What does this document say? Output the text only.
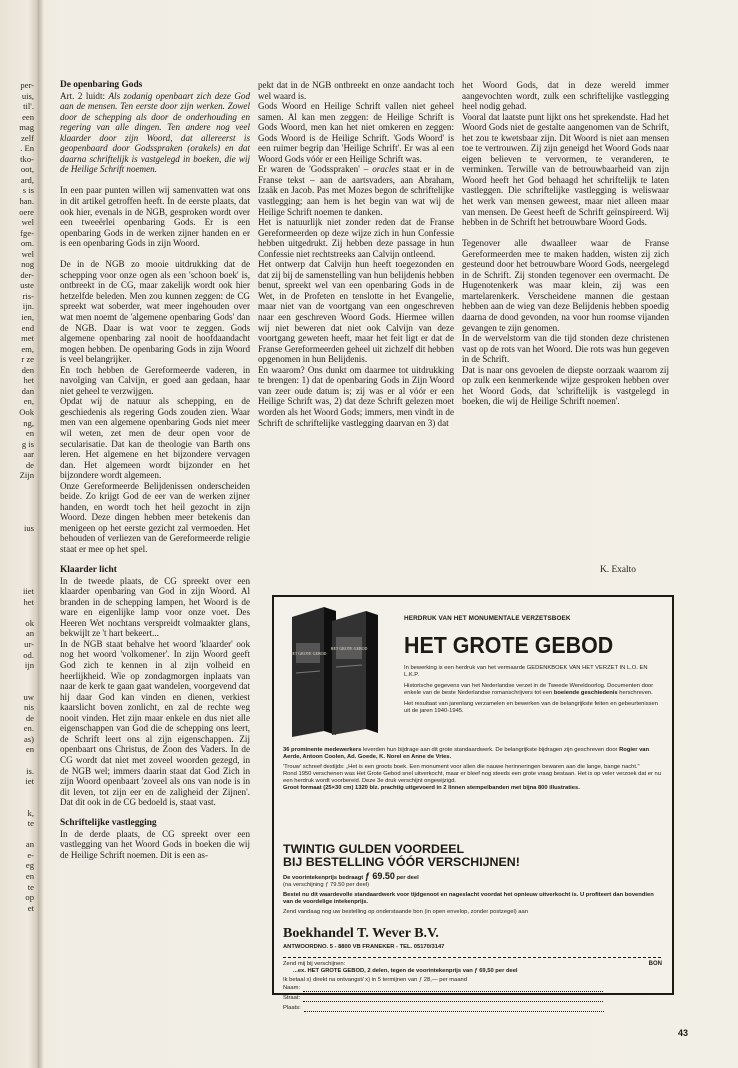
per-
uis,
til'.
een
mag
zelf
. En
tko-
oot,
ard,
s is
han.
oere
wel
fge-
om.
wel
nog
der-
uste
ris-
ijn.
ien,
end
met
em,
r ze
den
het
dan
en,
Ook
ng,
en
g is
aar
de
Zijn

ius

iiet
het

ok
an
ur-
od.
ijn

uw
nis
de
en.
as)
en

is.
iet

k,
te

an
e-
eg
en
te
op
et
De openbaring Gods

Art. 2 luidt: Als zodanig openbaart zich deze God aan de mensen. Ten eerste door zijn werken. Zowel door de schepping als door de onderhouding en regering van alle dingen. Ten andere nog veel klaarder door zijn Woord, dat allereerst is geopenbaard door Godsspraken (orakels) en dat daarna schriftelijk is vastgelegd in boeken, die wij de Heilige Schrift noemen.

In een paar punten willen wij samenvatten wat ons in dit artikel getroffen heeft. In de eerste plaats, dat ook hier, evenals in de NGB, gesproken wordt over een tweeërlei openbaring Gods. Er is een openbaring Gods in de werken zijner handen en er is een openbaring Gods in zijn Woord.

De in de NGB zo mooie uitdrukking dat de schepping voor onze ogen als een 'schoon boek' is, ontbreekt in de CG, maar zakelijk wordt ook hier hetzelfde beleden. Men zou kunnen zeggen: de CG spreekt wat soberder, wat meer ingehouden over wat men noemt de 'algemene openbaring Gods' dan de NGB. Daar is wat voor te zeggen. Gods algemene openbaring zal nooit de hoofdaandacht mogen hebben. De openbaring Gods in zijn Woord is veel belangrijker.

En toch hebben de Gereformeerde vaderen, in navolging van Calvijn, er goed aan gedaan, haar niet geheel te verzwijgen.

Opdat wij de natuur als schepping, en de geschiedenis als regering Gods zouden zien. Waar men van een algemene openbaring Gods niet meer wil weten, zet men de deur open voor de secularisatie. Dat kan de theologie van Barth ons leren. Het algemene en het bijzondere vervagen dan. Het algemeen wordt bijzonder en het bijzondere wordt algemeen.

Onze Gereformeerde Belijdenissen onderscheiden beide. Zo krijgt God de eer van de werken zijner handen, en wordt toch het heil gezocht in zijn Woord. Deze dingen hebben meer betekenis dan menigeen op het eerste gezicht zal vermoeden. Het behouden of verliezen van de Gereformeerde religie staat er mee op het spel.

Klaarder licht

In de tweede plaats, de CG spreekt over een klaarder openbaring van God in zijn Woord. Al branden in de schepping lampen, het Woord is de ware en eigenlijke lamp voor onze voet. Des Heeren Wet nochtans verspreidt volmaakter glans, bekwijlt ze 't hart bekeert...

In de NGB staat behalve het woord 'klaarder' ook nog het woord 'volkomener'. In zijn Woord geeft God zich te kennen in al zijn volheid en heerlijkheid. Wie op zondagmorgen inplaats van naar de kerk te gaan gaat wandelen, voorgevend dat hij daar God kan vinden en dienen, verkiest kaarslicht boven zonlicht, en zal de rechte weg nooit vinden. Het zijn maar enkele en dus niet alle eigenschappen van God die de schepping ons leert, de Schrift leert ons al zijn eigenschappen. Zij openbaart ons Christus, de Zoon des Vaders. In de CG wordt dat niet met zoveel woorden gezegd, in de NGB wel; immers daarin staat dat God Zich in zijn Woord openbaart 'zoveel als ons van node is in dit leven, tot zijn eer en de zaligheid der Zijnen'. Dat dit ook in de CG bedoeld is, staat vast.

Schriftelijke vastlegging

In de derde plaats, de CG spreekt over een vastlegging van het Woord Gods in boeken die wij de Heilige Schrift noemen. Dit is een as-

pekt dat in de NGB ontbreekt en onze aandacht toch wel waard is.

Gods Woord en Heilige Schrift vallen niet geheel samen. Al kan men zeggen: de Heilige Schrift is Gods Woord, men kan het niet omkeren en zeggen: Gods Woord is de Heilige Schrift. 'Gods Woord' is een ruimer begrip dan 'Heilige Schrift'. Er was al een Woord Gods vóór er een Heilige Schrift was.

Er waren de 'Godsspraken' – oracles staat er in de Franse tekst – aan de aartsvaders, aan Abraham, Izaäk en Jacob. Pas met Mozes begon de schriftelijke vastlegging; aan hem is het begin van wat wij de Heilige Schrift noemen te danken.

Het is natuurlijk niet zonder reden dat de Franse Gereformeerden op deze wijze zich in hun Confessie hebben uitgedrukt. Zij hebben deze passage in hun Confessie niet rechtstreeks aan Calvijn ontleend.

Het ontwerp dat Calvijn hun heeft toegezonden en dat zij bij de samenstelling van hun belijdenis hebben benut, spreekt wel van een openbaring Gods in de Wet, in de Profeten en tenslotte in het Evangelie, maar niet van de voortgang van een ongeschreven naar een geschreven Woord Gods. Hiermee willen wij niet beweren dat niet ook Calvijn van deze voortgang geweten heeft, maar het feit ligt er dat de Franse Gereformeerden geheel uit zichzelf dit hebben opgenomen in hun Belijdenis.

En waarom? Ons dunkt om daarmee tot uitdrukking te brengen: 1) dat de openbaring Gods in Zijn Woord van zeer oude datum is; zij was er al vóór er een Heilige Schrift was, 2) dat deze Schrift gelezen moet worden als het Woord Gods; immers, men vindt in de Schrift de schriftelijke vastlegging daarvan en 3) dat

het Woord Gods, dat in deze wereld immer aangevochten wordt, zulk een schriftelijke vastlegging heel nodig gehad.

Vooral dat laatste punt lijkt ons het sprekendste. Had het Woord Gods niet de gestalte aangenomen van de Schrift, het zou te kwetsbaar zijn. Dit Woord is niet aan mensen toe te vertrouwen. Zij zijn geneigd het Woord Gods naar eigen believen te vervormen, te veranderen, te verminken. Terwille van de betrouwbaarheid van zijn Woord heeft het God behaagd het schriftelijk te laten vastleggen. Die schriftelijke vastlegging is weliswaar het werk van mensen geweest, maar niet alleen maar van mensen. De Geest heeft de Schrift geïnspireerd. Wij hebben in de Schrift het betrouwbare Woord Gods.

Tegenover alle dwaalleer waar de Franse Gereformeerden mee te maken hadden, wisten zij zich gesteund door het betrouwbare Woord Gods, neergelegd in de Schrift. Zij stonden tegenover een overmacht. De Hugenotenkerk was maar klein, zij was een martelarenkerk. Verscheidene mannen die gestaan hebben aan de wieg van deze Belijdenis hebben spoedig daarna de dood gevonden, na voor hun roomse vijanden gevangen te zijn genomen.

In de wervelstorm van die tijd stonden deze christenen vast op de rots van het Woord. Die rots was hun gegeven in de Schrift.

Dat is naar ons gevoelen de diepste oorzaak waarom zij op zulk een kenmerkende wijze gesproken hebben over het Woord Gods, dat 'schriftelijk is vastgelegd in boeken, die wij de Heilige Schrift noemen'.

K. Exalto
HET GROTE GEBOD
HET GROTE GEBOD
HERDRUK VAN HET MONUMENTALE VERZETSBOEK
HET GROTE GEBOD

In bewerking is een herdruk van het vermaarde GEDENKBOEK VAN HET VERZET IN L.O. EN L.K.P.

Historische gegevens van het Nederlandse verzet in de Tweede Wereldoorlog. Documenten door enkele van de beste Nederlandse romanschrijvers tot een boeiende geschiedenis herschreven.

Het resultaat van jarenlang verzamelen en bewerken van de belangrijkste feiten en gebeurtenissen uit de jaren 1940-1945.

36 prominente medewerkers leverden hun bijdrage aan dit grote standaardwerk. De belangrijkste bijdragen zijn geschreven door Rogier van Aerde, Antoon Coolen, Ad. Goede, K. Norel en Anne de Vries.

'Trouw' schreef destijds: „Het is een groots boek. Een monument voor allen die nauwe herinneringen bewaren aan die lange, bange nacht."

Rond 1950 verschenen was Het Grote Gebod snel uitverkocht, maar er bleef nog steeds een grote vraag bestaan. Het is op veler verzoek dat er nu een herdruk wordt voorbereid. Deze 3e druk verschijnt ongewijzigd.

Groot formaat (25×30 cm) 1320 blz. prachtig uitgevoerd in 2 linnen stempelbanden met bijna 800 illustraties.

TWINTIG GULDEN VOORDEEL
BIJ BESTELLING VÓÓR VERSCHIJNEN!

De voorintekenprijs bedraagt ƒ 69.50 per deel

(na verschijning ƒ 79.50 per deel)

Bestel nu dit waardevolle standaardwerk voor tijdgenoot en nageslacht voordat het opnieuw uitverkocht is. U profiteert dan bovendien van de voordelige intekenprijs.

Zend vandaag nog uw bestelling op onderstaande bon (in open envelop, zonder postzegel) aan

Boekhandel T. Wever B.V.
ANTWOORDNO. 5 - 8800 VB FRANEKER - TEL. 05170/3147
Zend mij bij verschijnen:
...ex. HET GROTE GEBOD, 2 delen, tegen de voorintekenprijs van ƒ 69,50 per deel
BON
Ik betaal x) direkt na ontvangst/ x) in 5 termijnen van ƒ 28,— per maand
Naam:
Straat:
Plaats:
43
